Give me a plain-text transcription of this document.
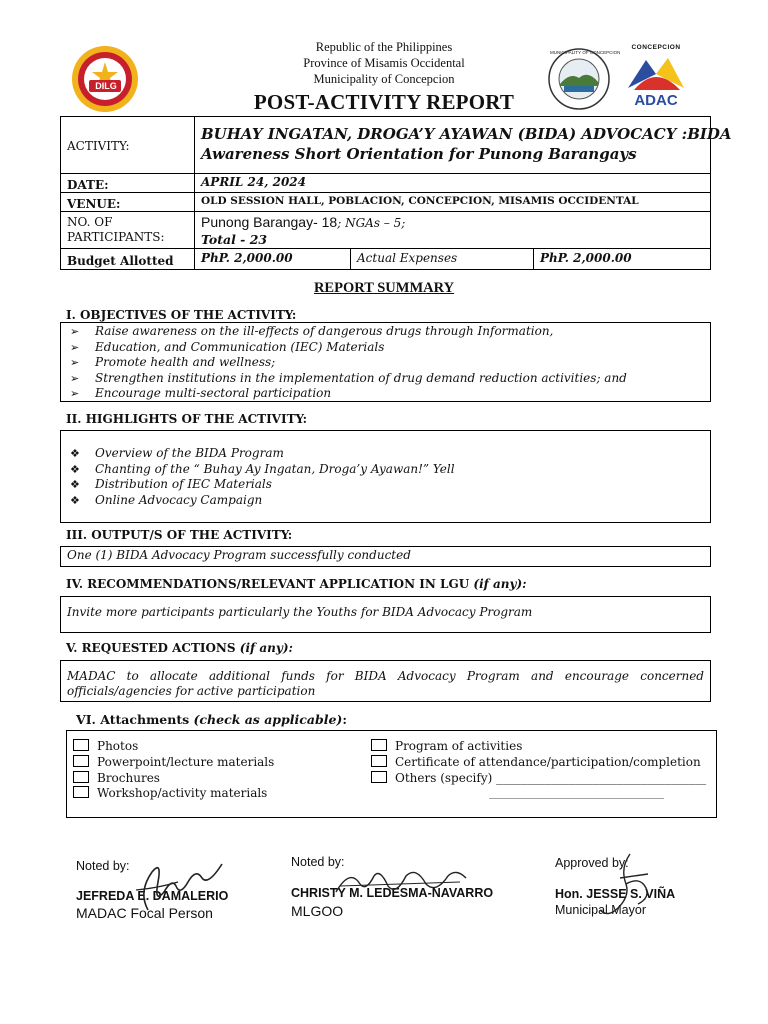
DILG
Republic of the Philippines
Province of Misamis Occidental
Municipality of Concepcion
POST-ACTIVITY REPORT
MUNICIPALITY OF CONCEPCION
CONCEPCION
ADAC
ACTIVITY:
BUHAY INGATAN, DROGA’Y AYAWAN (BIDA) ADVOCACY :BIDA
Awareness Short Orientation for Punong Barangays
DATE:	APRIL 24, 2024
VENUE:	OLD SESSION HALL, POBLACION, CONCEPCION, MISAMIS OCCIDENTAL
NO. OF
PARTICIPANTS:
Punong Barangay- 18; NGAs – 5;
Total - 23
Budget Allotted	PhP. 2,000.00	Actual Expenses	PhP. 2,000.00
REPORT SUMMARY
I. OBJECTIVES OF THE ACTIVITY:
➢ Raise awareness on the ill-effects of dangerous drugs through Information,
➢ Education, and Communication (IEC) Materials
➢ Promote health and wellness;
➢ Strengthen institutions in the implementation of drug demand reduction activities; and
➢ Encourage multi-sectoral participation
II. HIGHLIGHTS OF THE ACTIVITY:
❖ Overview of the BIDA Program
❖ Chanting of the “ Buhay Ay Ingatan, Droga’y Ayawan!” Yell
❖ Distribution of IEC Materials
❖ Online Advocacy Campaign
III. OUTPUT/S OF THE ACTIVITY:
One (1) BIDA Advocacy Program successfully conducted
IV. RECOMMENDATIONS/RELEVANT APPLICATION IN LGU (if any):
Invite more participants particularly the Youths for BIDA Advocacy Program
V. REQUESTED ACTIONS (if any):
MADAC to allocate additional funds for BIDA Advocacy Program and encourage concerned
officials/agencies for active participation
VI. Attachments (check as applicable):
Photos
Powerpoint/lecture materials
Brochures
Workshop/activity materials
Program of activities
Certificate of attendance/participation/completion
Others (specify) ___________________________________
___________________________________
Noted by:
JEFREDA E. DAMALERIO
MADAC Focal Person
Noted by:
CHRISTY M. LEDESMA-NAVARRO
MLGOO
Approved by:
Hon. JESSE S. VIÑA
Municipal Mayor
